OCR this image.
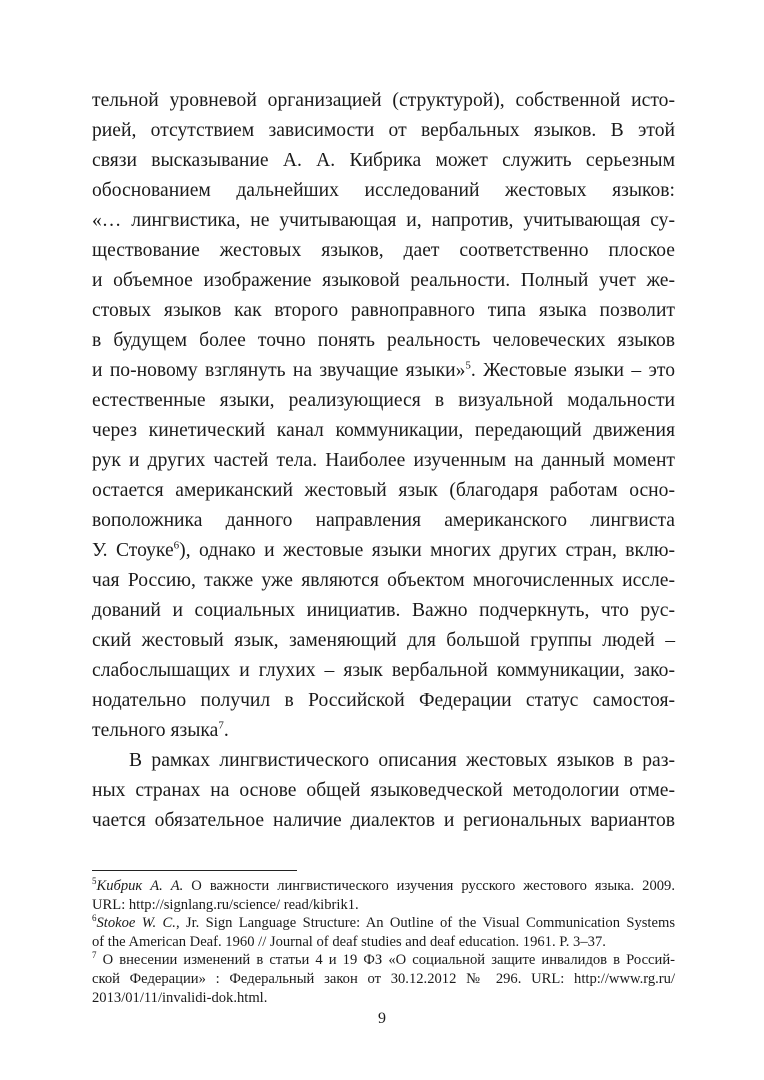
тельной уровневой организацией (структурой), собственной исто-
рией, отсутствием зависимости от вербальных языков. В этой
связи высказывание А. А. Кибрика может служить серьезным
обоснованием дальнейших исследований жестовых языков:
«… лингвистика, не учитывающая и, напротив, учитывающая су-
ществование жестовых языков, дает соответственно плоское
и объемное изображение языковой реальности. Полный учет же-
стовых языков как второго равноправного типа языка позволит
в будущем более точно понять реальность человеческих языков
и по-новому взглянуть на звучащие языки»$^5$. Жестовые языки – это
естественные языки, реализующиеся в визуальной модальности
через кинетический канал коммуникации, передающий движения
рук и других частей тела. Наиболее изученным на данный момент
остается американский жестовый язык (благодаря работам осно-
воположника данного направления американского лингвиста
У. Стоуке$^6$), однако и жестовые языки многих других стран, вклю-
чая Россию, также уже являются объектом многочисленных иссле-
дований и социальных инициатив. Важно подчеркнуть, что рус-
ский жестовый язык, заменяющий для большой группы людей –
слабослышащих и глухих – язык вербальной коммуникации, зако-
нодательно получил в Российской Федерации статус самостоя-
тельного языка$^7$.
В рамках лингвистического описания жестовых языков в раз-
ных странах на основе общей языковедческой методологии отме-
чается обязательное наличие диалектов и региональных вариантов
$^5$Кибрик А. А. О важности лингвистического изучения русского жестового языка. 2009.
URL: http://signlang.ru/science/ read/kibrik1.
$^6$Stokoe W. C., Jr. Sign Language Structure: An Outline of the Visual Communication Systems
of the American Deaf. 1960 // Journal of deaf studies and deaf education. 1961. P. 3–37.
$^7$ О внесении изменений в статьи 4 и 19 ФЗ «О социальной защите инвалидов в Россий-
ской Федерации» : Федеральный закон от 30.12.2012 № 296. URL: http://www.rg.ru/
2013/01/11/invalidi-dok.html.
9
